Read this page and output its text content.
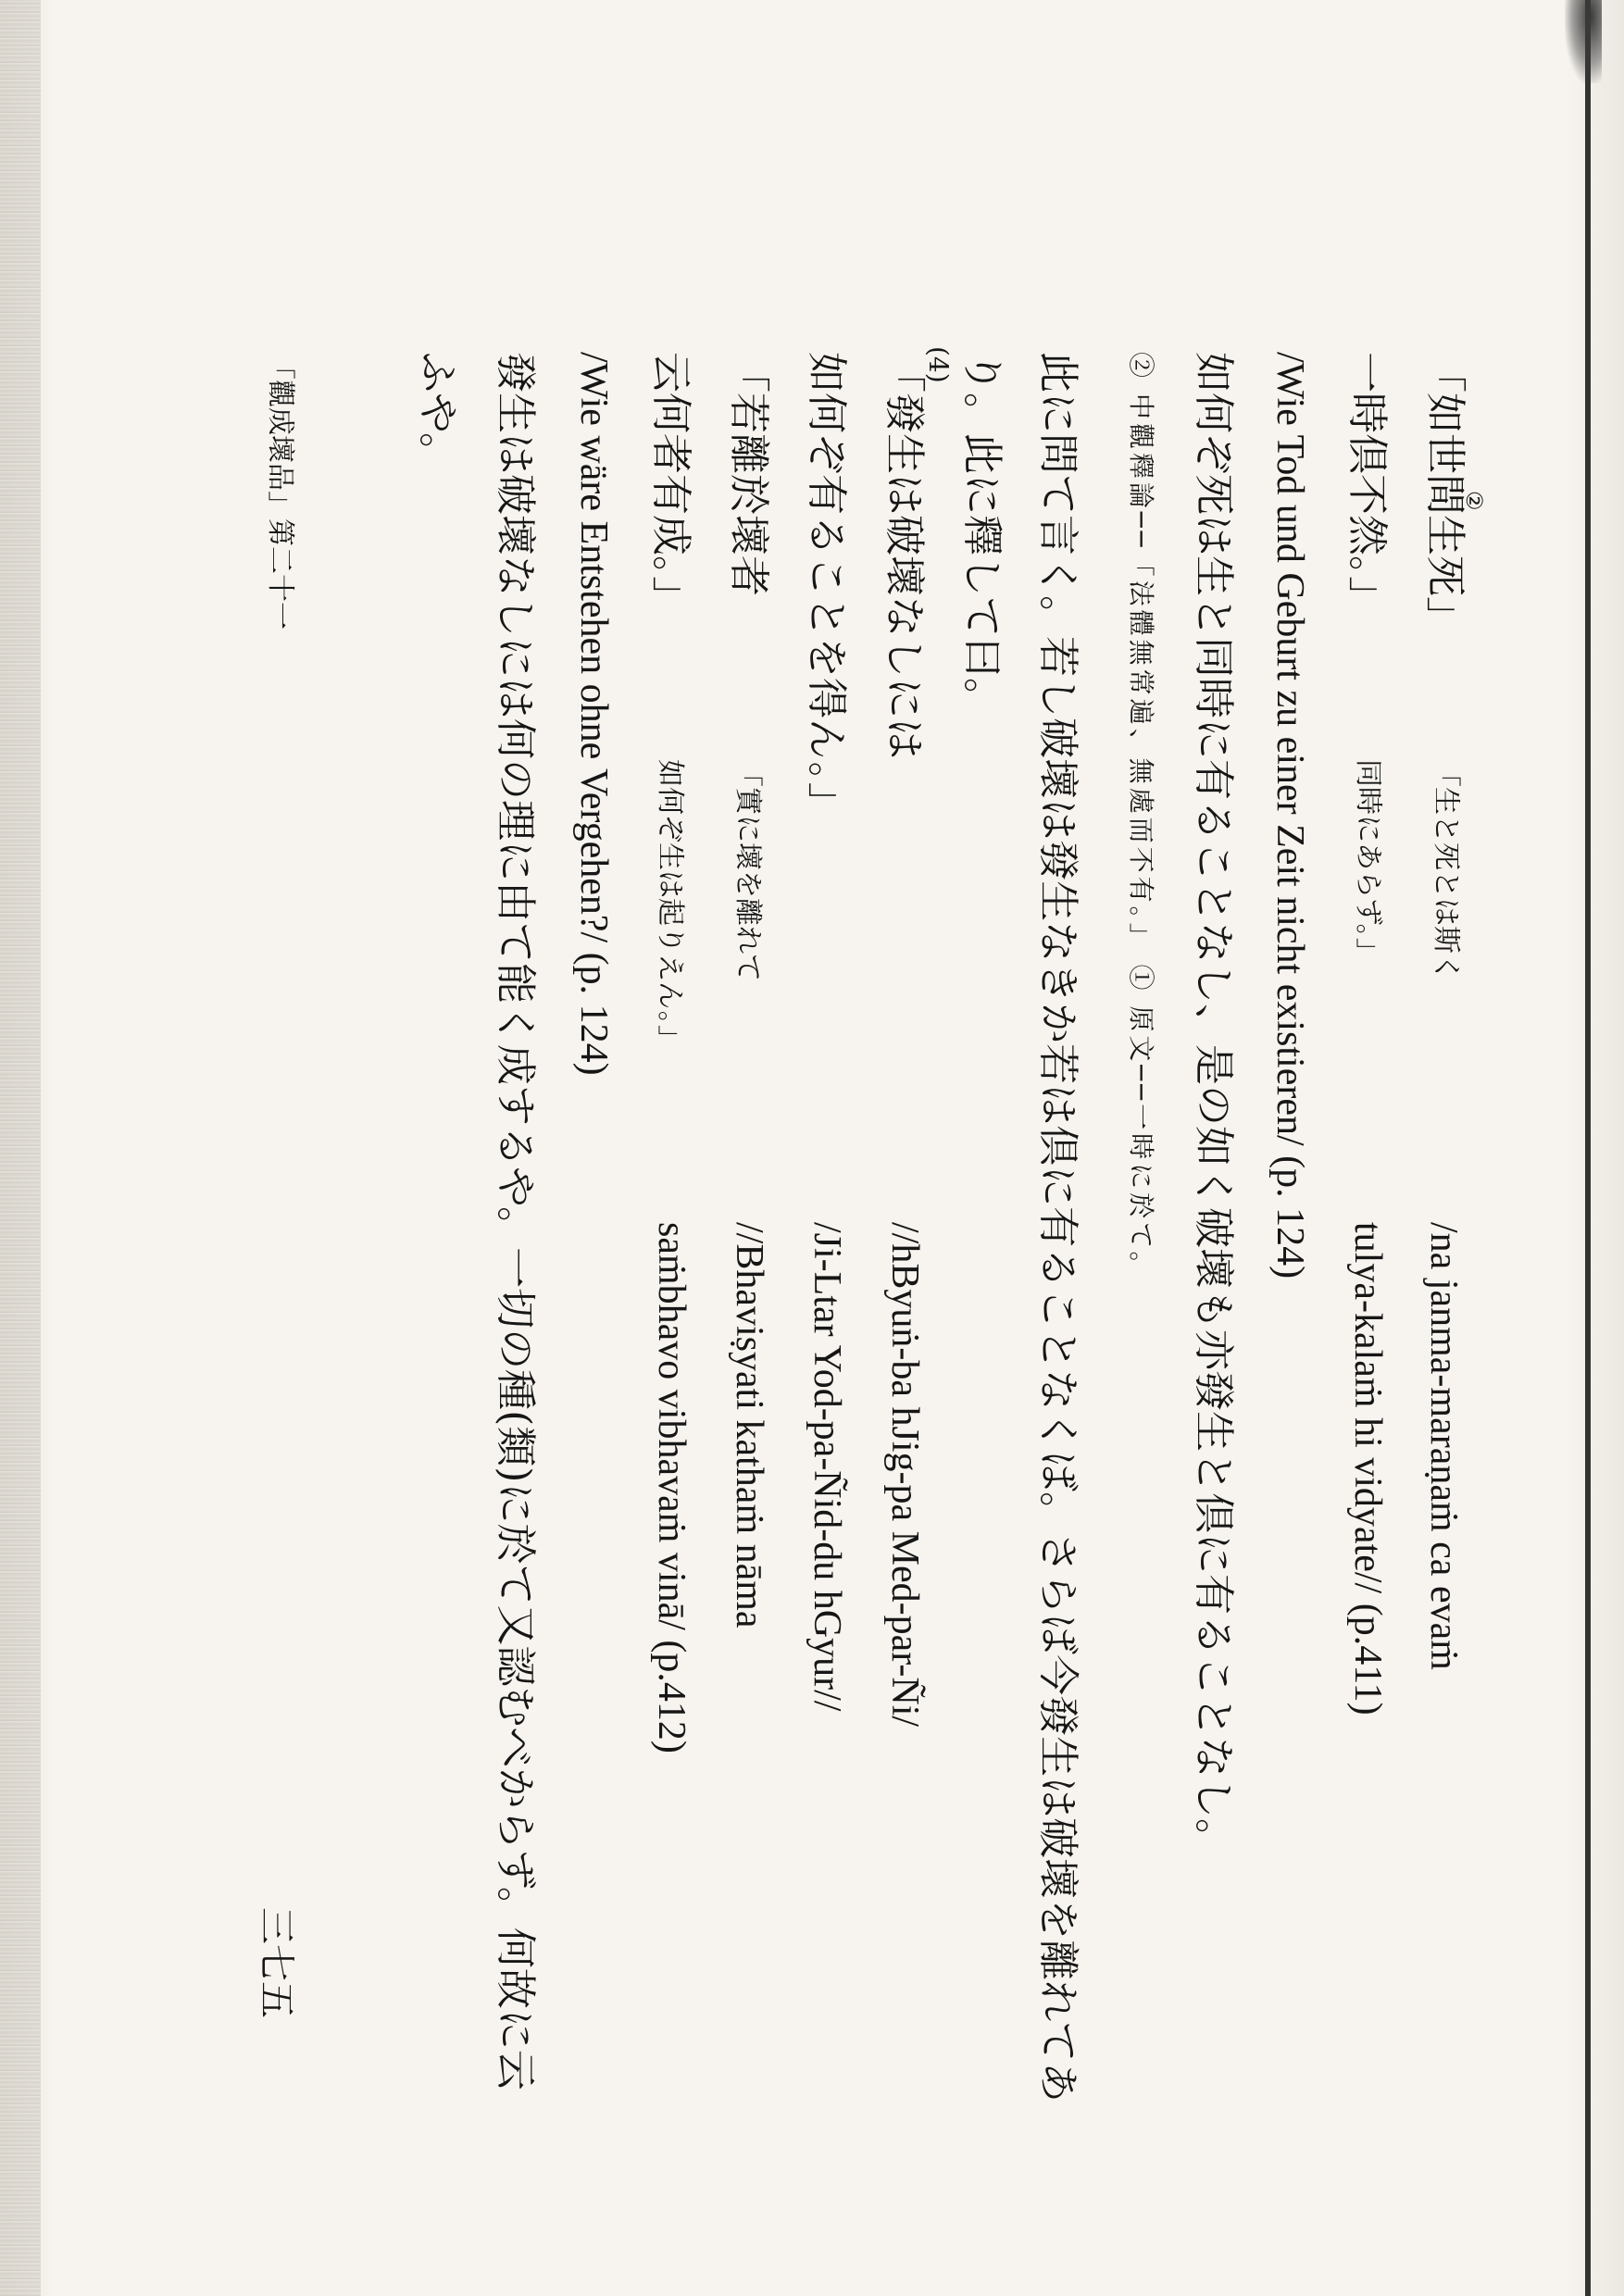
「如世間生死」
②
「生と死とは斯く
/na janma-maraṇaṁ ca evaṁ
一時倶不然。」
同時にあらず。」
tulya-kalaṁ hi vidyate// (p.411)
/Wie Tod und Geburt zu einer Zeit nicht existieren/ (p. 124)
如何ぞ死は生と同時に有ることなし、是の如く破壞も亦發生と倶に有ることなし。
② 中觀釋論──「法體無常遍、無處而不有。」 ① 原文──一時に於て。
此に問て言く。若し破壞は發生なきか若は倶に有ることなくば。さらば今發生は破壞を離れてあ
り。此に釋して曰。
(4)
「發生は破壞なしには
//hByuṅ-ba hJig-pa Med-par-Ñi/
如何ぞ有ることを得ん。」
/Ji-Ltar Yod-pa-Ñid-du hGyur//
「若離於壞者
「實に壞を離れて
//Bhaviṣyati kathaṁ nāma
云何者有成。」
如何ぞ生は起りえん。」
saṁbhavo vibhavaṁ vinā/ (p.412)
/Wie wäre Entstehen ohne Vergehen?/ (p. 124)
發生は破壞なしには何の理に由て能く成するや。一切の種(類)に於て又認むべからず。何故に云
ふや。
「觀成壞品」第二十一
三七五
